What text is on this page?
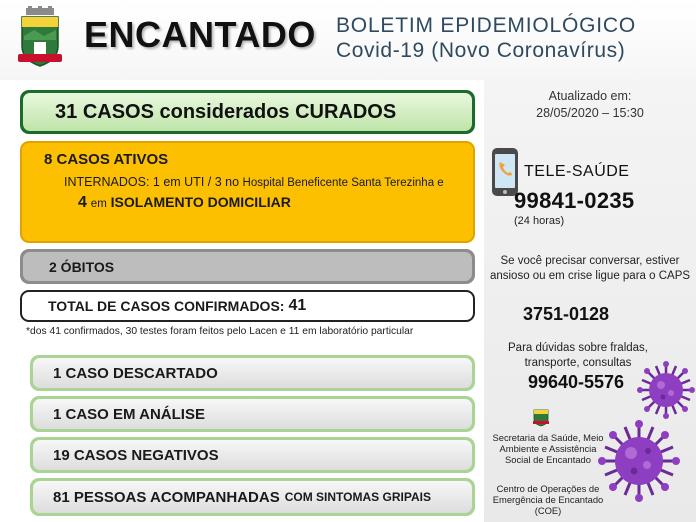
ENCANTADO BOLETIM EPIDEMIOLÓGICO
Covid-19 (Novo Coronavírus)
31
CASOS considerados CURADOS
8 CASOS ATIVOS
INTERNADOS: 1 em UTI / 3 no Hospital Beneficente Santa Terezinha e
4 em ISOLAMENTO DOMICILIAR
2 ÓBITOS
TOTAL DE CASOS CONFIRMADOS: 41
*dos 41 confirmados, 30 testes foram feitos pelo Lacen e 11 em laboratório particular
1 CASO DESCARTADO
1 CASO EM ANÁLISE
19 CASOS NEGATIVOS
81 PESSOAS ACOMPANHADAS COM SINTOMAS GRIPAIS
Atualizado em:
28/05/2020 – 15:30
TELE-SAÚDE
99841-0235
(24 horas)
Se você precisar conversar, estiver ansioso ou em crise ligue para o CAPS
3751-0128
Para dúvidas sobre fraldas, transporte, consultas
99640-5576
Secretaria da Saúde, Meio Ambiente e Assistência Social de Encantado
Centro de Operações de Emergência de Encantado (COE)
